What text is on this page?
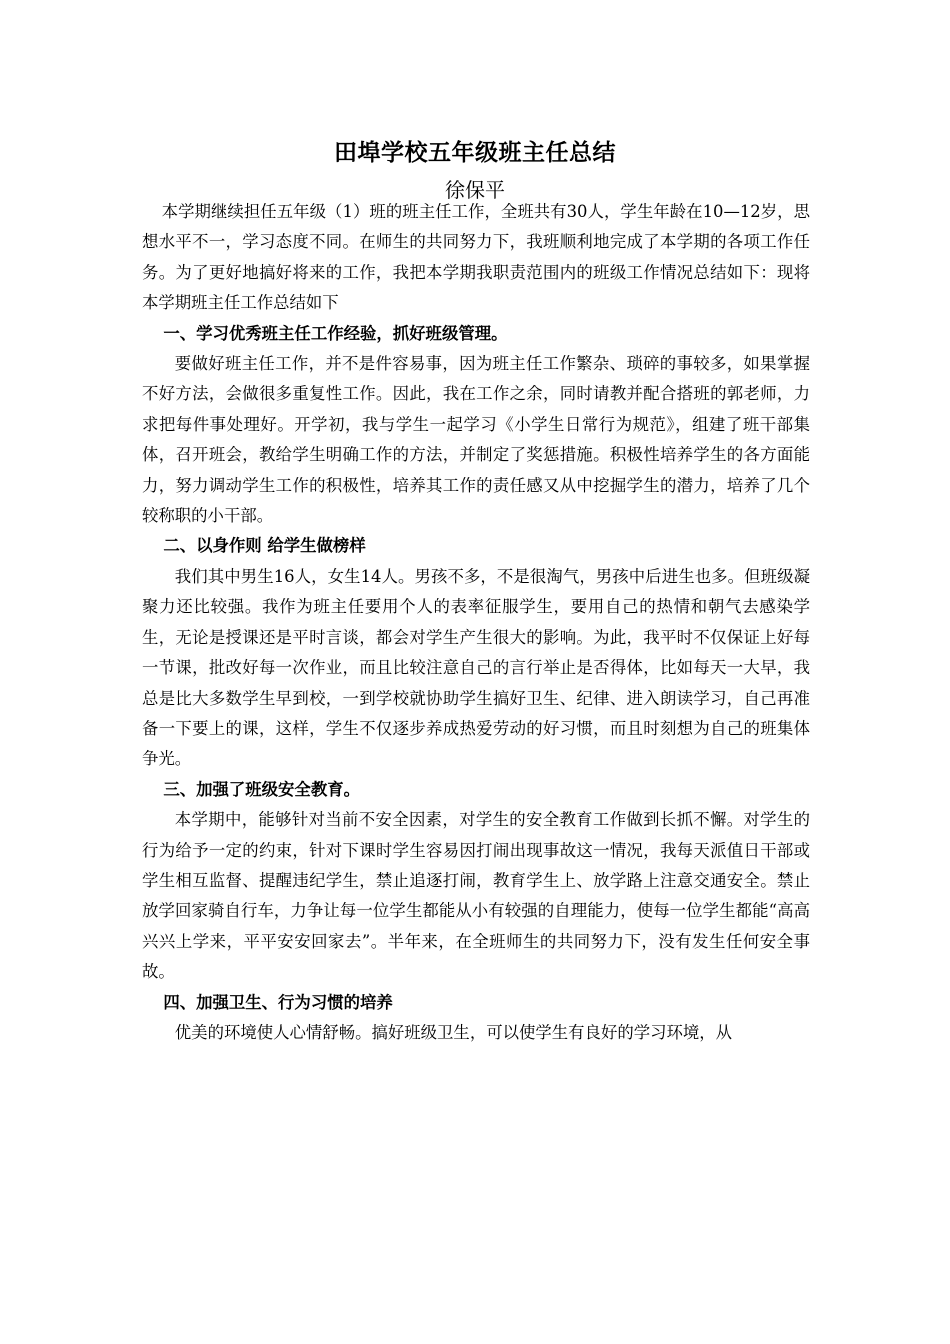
田埠学校五年级班主任总结
徐保平

本学期继续担任五年级（1）班的班主任工作，全班共有30人，学生年龄在10—12岁，思想水平不一，学习态度不同。在师生的共同努力下，我班顺利地完成了本学期的各项工作任务。为了更好地搞好将来的工作，我把本学期我职责范围内的班级工作情况总结如下：现将本学期班主任工作总结如下

一、学习优秀班主任工作经验，抓好班级管理。

要做好班主任工作，并不是件容易事，因为班主任工作繁杂、琐碎的事较多，如果掌握不好方法，会做很多重复性工作。因此，我在工作之余，同时请教并配合搭班的郭老师，力求把每件事处理好。开学初，我与学生一起学习《小学生日常行为规范》，组建了班干部集体，召开班会，教给学生明确工作的方法，并制定了奖惩措施。积极性培养学生的各方面能力，努力调动学生工作的积极性，培养其工作的责任感又从中挖掘学生的潜力，培养了几个较称职的小干部。

二、以身作则 给学生做榜样

我们其中男生16人，女生14人。男孩不多，不是很淘气，男孩中后进生也多。但班级凝聚力还比较强。我作为班主任要用个人的表率征服学生，要用自己的热情和朝气去感染学生，无论是授课还是平时言谈，都会对学生产生很大的影响。为此，我平时不仅保证上好每一节课，批改好每一次作业，而且比较注意自己的言行举止是否得体，比如每天一大早，我总是比大多数学生早到校，一到学校就协助学生搞好卫生、纪律、进入朗读学习，自己再准备一下要上的课，这样，学生不仅逐步养成热爱劳动的好习惯，而且时刻想为自己的班集体争光。

三、加强了班级安全教育。

本学期中，能够针对当前不安全因素，对学生的安全教育工作做到长抓不懈。对学生的行为给予一定的约束，针对下课时学生容易因打闹出现事故这一情况，我每天派值日干部或学生相互监督、提醒违纪学生，禁止追逐打闹，教育学生上、放学路上注意交通安全。禁止放学回家骑自行车，力争让每一位学生都能从小有较强的自理能力，使每一位学生都能“高高兴兴上学来，平平安安回家去”。半年来，在全班师生的共同努力下，没有发生任何安全事故。

四、加强卫生、行为习惯的培养

优美的环境使人心情舒畅。搞好班级卫生，可以使学生有良好的学习环境，从
